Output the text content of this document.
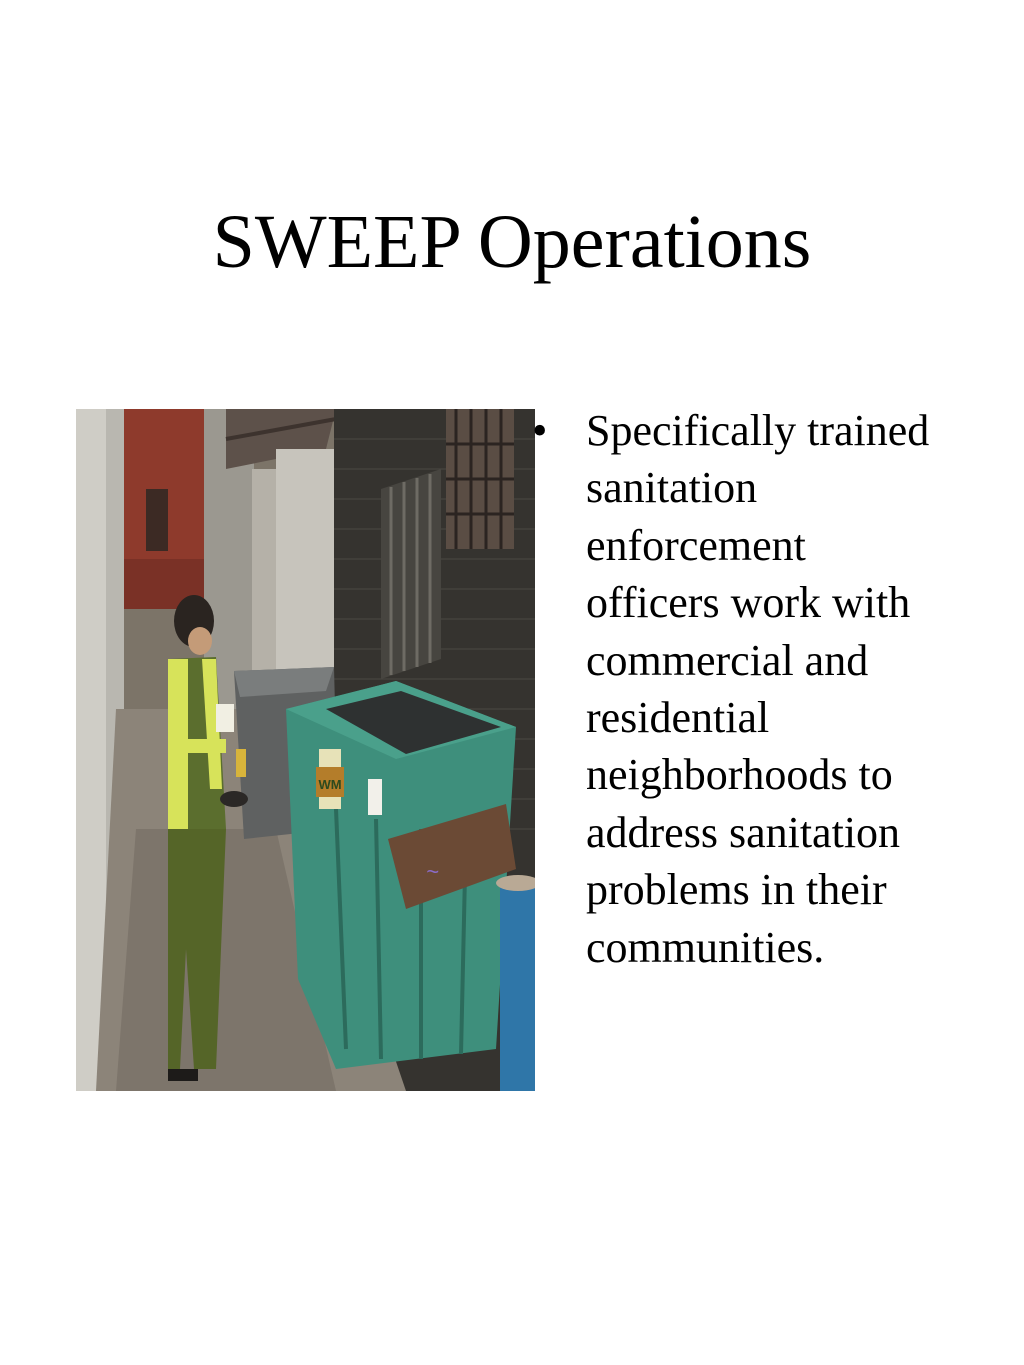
SWEEP Operations
WM
~
• Specifically trained sanitation enforcement officers work with commercial and residential neighborhoods to address sanitation problems in their communities.
